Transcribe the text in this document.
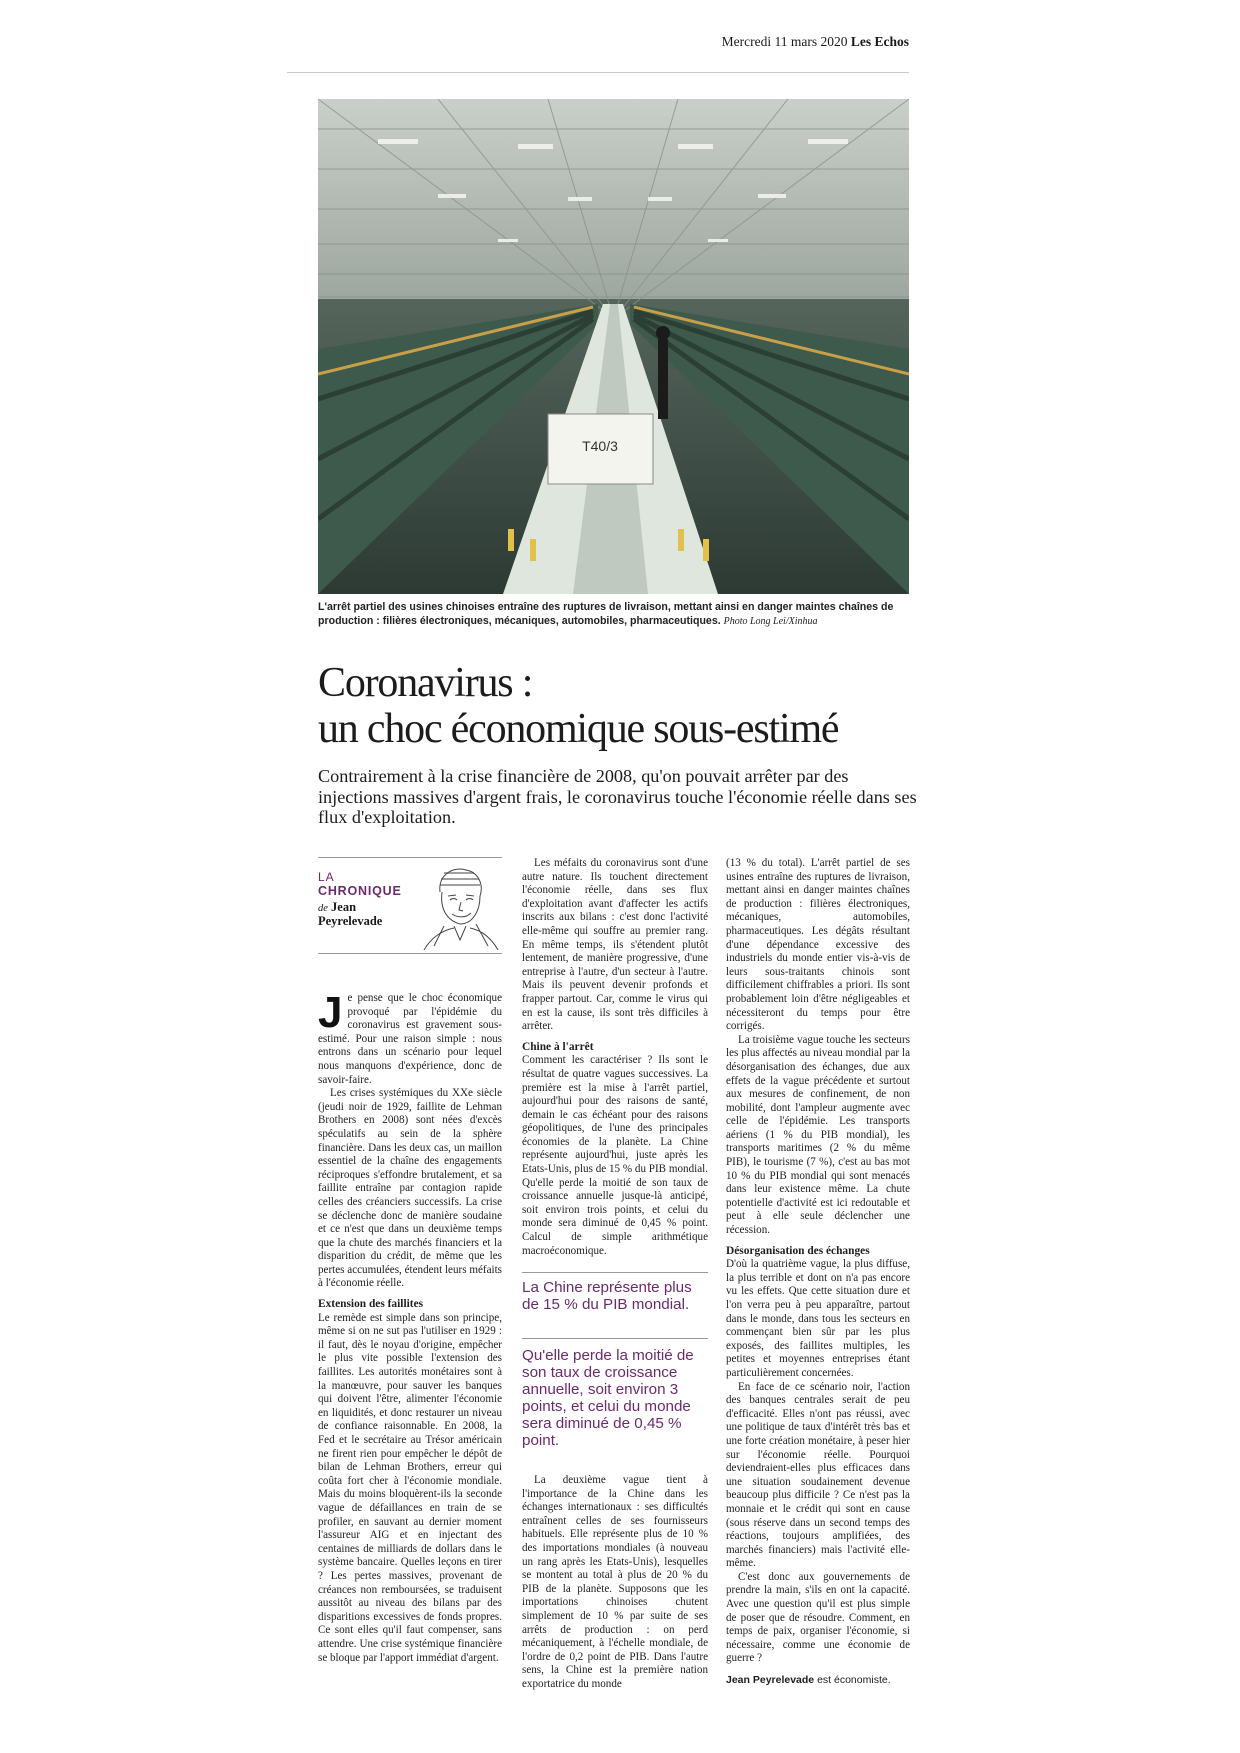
Mercredi 11 mars 2020 Les Echos
T40/3
L'arrêt partiel des usines chinoises entraîne des ruptures de livraison, mettant ainsi en danger maintes chaînes de production : filières électroniques, mécaniques, automobiles, pharmaceutiques. Photo Long Lei/Xinhua
Coronavirus :
un choc économique sous-estimé
Contrairement à la crise financière de 2008, qu'on pouvait arrêter par des injections massives d'argent frais, le coronavirus touche l'économie réelle dans ses flux d'exploitation.
LA
CHRONIQUE
de Jean
Peyrelevade

Je pense que le choc économique provoqué par l'épidémie du coronavirus est gravement sous-estimé. Pour une raison simple : nous entrons dans un scénario pour lequel nous manquons d'expérience, donc de savoir-faire.

Les crises systémiques du XXe siècle (jeudi noir de 1929, faillite de Lehman Brothers en 2008) sont nées d'excès spéculatifs au sein de la sphère financière. Dans les deux cas, un maillon essentiel de la chaîne des engagements réciproques s'effondre brutalement, et sa faillite entraîne par contagion rapide celles des créanciers successifs. La crise se déclenche donc de manière soudaine et ce n'est que dans un deuxième temps que la chute des marchés financiers et la disparition du crédit, de même que les pertes accumulées, étendent leurs méfaits à l'économie réelle.

Extension des faillites

Le remède est simple dans son principe, même si on ne sut pas l'utiliser en 1929 : il faut, dès le noyau d'origine, empêcher le plus vite possible l'extension des faillites. Les autorités monétaires sont à la manœuvre, pour sauver les banques qui doivent l'être, alimenter l'économie en liquidités, et donc restaurer un niveau de confiance raisonnable. En 2008, la Fed et le secrétaire au Trésor américain ne firent rien pour empêcher le dépôt de bilan de Lehman Brothers, erreur qui coûta fort cher à l'économie mondiale. Mais du moins bloquèrent-ils la seconde vague de défaillances en train de se profiler, en sauvant au dernier moment l'assureur AIG et en injectant des centaines de milliards de dollars dans le système bancaire. Quelles leçons en tirer ? Les pertes massives, provenant de créances non remboursées, se traduisent aussitôt au niveau des bilans par des disparitions excessives de fonds propres. Ce sont elles qu'il faut compenser, sans attendre. Une crise systémique financière se bloque par l'apport immédiat d'argent.

Les méfaits du coronavirus sont d'une autre nature. Ils touchent directement l'économie réelle, dans ses flux d'exploitation avant d'affecter les actifs inscrits aux bilans : c'est donc l'activité elle-même qui souffre au premier rang. En même temps, ils s'étendent plutôt lentement, de manière progressive, d'une entreprise à l'autre, d'un secteur à l'autre. Mais ils peuvent devenir profonds et frapper partout. Car, comme le virus qui en est la cause, ils sont très difficiles à arrêter.

Chine à l'arrêt

Comment les caractériser ? Ils sont le résultat de quatre vagues successives. La première est la mise à l'arrêt partiel, aujourd'hui pour des raisons de santé, demain le cas échéant pour des raisons géopolitiques, de l'une des principales économies de la planète. La Chine représente aujourd'hui, juste après les Etats-Unis, plus de 15 % du PIB mondial. Qu'elle perde la moitié de son taux de croissance annuelle jusque-là anticipé, soit environ trois points, et celui du monde sera diminué de 0,45 % point. Calcul de simple arithmétique macroéconomique.

La Chine représente plus de 15 % du PIB mondial.
Qu'elle perde la moitié de son taux de croissance annuelle, soit environ 3 points, et celui du monde sera diminué de 0,45 % point.

La deuxième vague tient à l'importance de la Chine dans les échanges internationaux : ses difficultés entraînent celles de ses fournisseurs habituels. Elle représente plus de 10 % des importations mondiales (à nouveau un rang après les Etats-Unis), lesquelles se montent au total à plus de 20 % du PIB de la planète. Supposons que les importations chinoises chutent simplement de 10 % par suite de ses arrêts de production : on perd mécaniquement, à l'échelle mondiale, de l'ordre de 0,2 point de PIB. Dans l'autre sens, la Chine est la première nation exportatrice du monde

(13 % du total). L'arrêt partiel de ses usines entraîne des ruptures de livraison, mettant ainsi en danger maintes chaînes de production : filières électroniques, mécaniques, automobiles, pharmaceutiques. Les dégâts résultant d'une dépendance excessive des industriels du monde entier vis-à-vis de leurs sous-traitants chinois sont difficilement chiffrables a priori. Ils sont probablement loin d'être négligeables et nécessiteront du temps pour être corrigés.

La troisième vague touche les secteurs les plus affectés au niveau mondial par la désorganisation des échanges, due aux effets de la vague précédente et surtout aux mesures de confinement, de non mobilité, dont l'ampleur augmente avec celle de l'épidémie. Les transports aériens (1 % du PIB mondial), les transports maritimes (2 % du même PIB), le tourisme (7 %), c'est au bas mot 10 % du PIB mondial qui sont menacés dans leur existence même. La chute potentielle d'activité est ici redoutable et peut à elle seule déclencher une récession.

Désorganisation des échanges

D'où la quatrième vague, la plus diffuse, la plus terrible et dont on n'a pas encore vu les effets. Que cette situation dure et l'on verra peu à peu apparaître, partout dans le monde, dans tous les secteurs en commençant bien sûr par les plus exposés, des faillites multiples, les petites et moyennes entreprises étant particulièrement concernées.

En face de ce scénario noir, l'action des banques centrales serait de peu d'efficacité. Elles n'ont pas réussi, avec une politique de taux d'intérêt très bas et une forte création monétaire, à peser hier sur l'économie réelle. Pourquoi deviendraient-elles plus efficaces dans une situation soudainement devenue beaucoup plus difficile ? Ce n'est pas la monnaie et le crédit qui sont en cause (sous réserve dans un second temps des réactions, toujours amplifiées, des marchés financiers) mais l'activité elle-même.

C'est donc aux gouvernements de prendre la main, s'ils en ont la capacité. Avec une question qu'il est plus simple de poser que de résoudre. Comment, en temps de paix, organiser l'économie, si nécessaire, comme une économie de guerre ?

Jean Peyrelevade est économiste.
